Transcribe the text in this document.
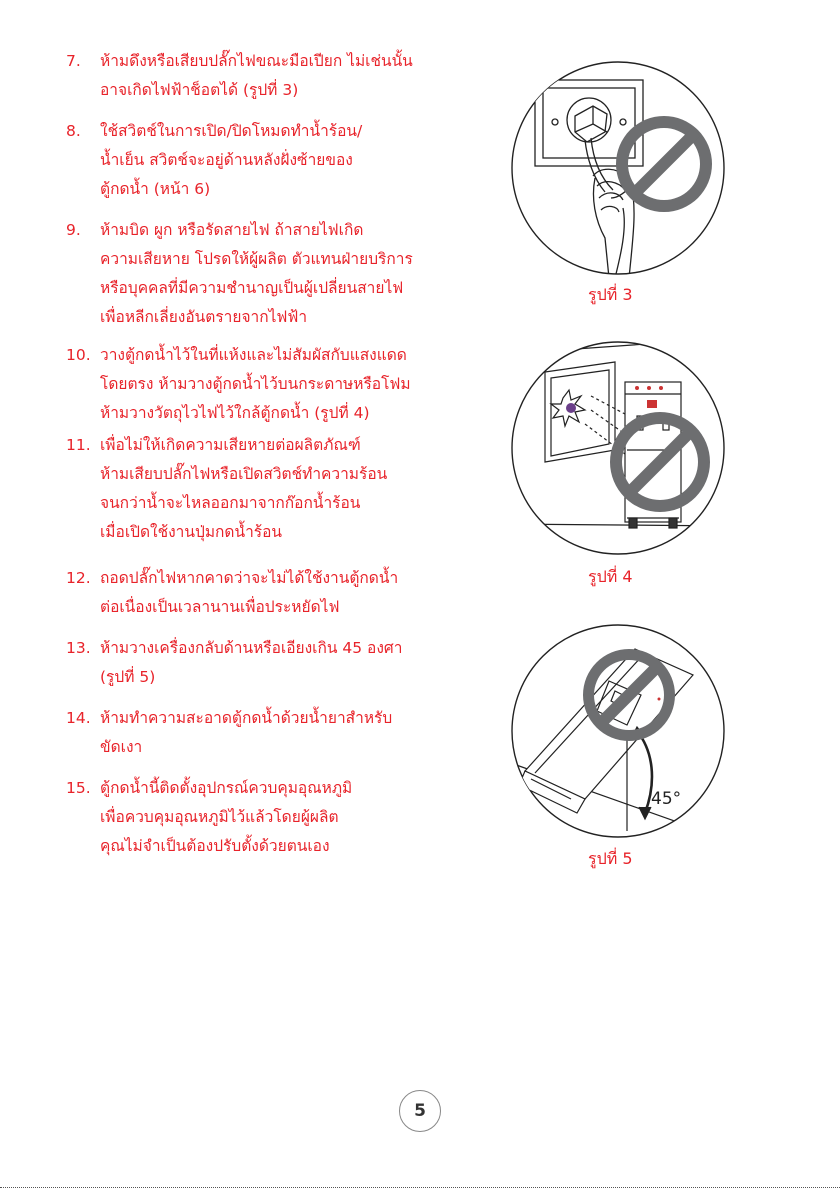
7. ห้ามดึงหรือเสียบปลั๊กไฟขณะมือเปียก ไม่เช่นนั้น
อาจเกิดไฟฟ้าช็อตได้ (รูปที่ 3)
8. ใช้สวิตช์ในการเปิด/ปิดโหมดทำน้ำร้อน/
น้ำเย็น สวิตช์จะอยู่ด้านหลังฝั่งซ้ายของ
ตู้กดน้ำ (หน้า 6)
9. ห้ามบิด ผูก หรือรัดสายไฟ ถ้าสายไฟเกิด
ความเสียหาย โปรดให้ผู้ผลิต ตัวแทนฝ่ายบริการ
หรือบุคคลที่มีความชำนาญเป็นผู้เปลี่ยนสายไฟ
เพื่อหลีกเลี่ยงอันตรายจากไฟฟ้า
10. วางตู้กดน้ำไว้ในที่แห้งและไม่สัมผัสกับแสงแดด
โดยตรง ห้ามวางตู้กดน้ำไว้บนกระดาษหรือโฟม
ห้ามวางวัตถุไวไฟไว้ใกล้ตู้กดน้ำ (รูปที่ 4)
11. เพื่อไม่ให้เกิดความเสียหายต่อผลิตภัณฑ์
ห้ามเสียบปลั๊กไฟหรือเปิดสวิตช์ทำความร้อน
จนกว่าน้ำจะไหลออกมาจากก๊อกน้ำร้อน
เมื่อเปิดใช้งานปุ่มกดน้ำร้อน
12. ถอดปลั๊กไฟหากคาดว่าจะไม่ได้ใช้งานตู้กดน้ำ
ต่อเนื่องเป็นเวลานานเพื่อประหยัดไฟ
13. ห้ามวางเครื่องกลับด้านหรือเอียงเกิน 45 องศา
(รูปที่ 5)
14. ห้ามทำความสะอาดตู้กดน้ำด้วยน้ำยาสำหรับ
ขัดเงา
15. ตู้กดน้ำนี้ติดตั้งอุปกรณ์ควบคุมอุณหภูมิ
เพื่อควบคุมอุณหภูมิไว้แล้วโดยผู้ผลิต
คุณไม่จำเป็นต้องปรับตั้งด้วยตนเอง
รูปที่ 3
รูปที่ 4
45°
รูปที่ 5
5
